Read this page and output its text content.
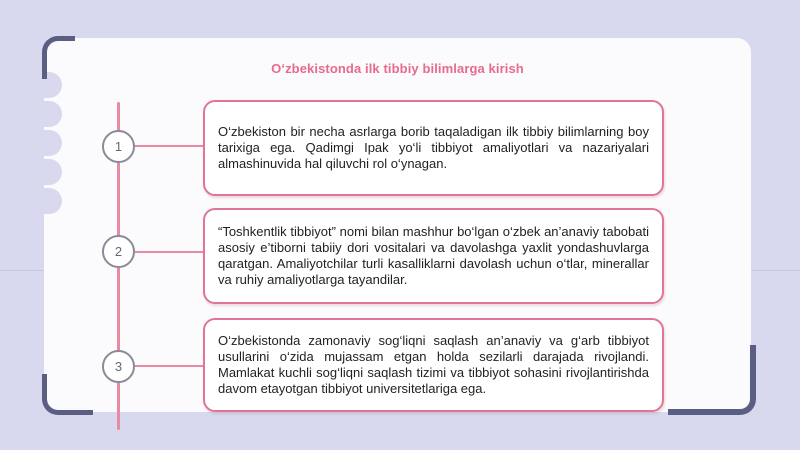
O‘zbekistonda ilk tibbiy bilimlarga kirish
1
2
3

O‘zbekiston bir necha asrlarga borib taqaladigan ilk tibbiy bilimlarning boy tarixiga ega. Qadimgi Ipak yo‘li tibbiyot amaliyotlari va nazariyalari almashinuvida hal qiluvchi rol o‘ynagan.

“Toshkentlik tibbiyot” nomi bilan mashhur bo‘lgan o‘zbek an’anaviy tabobati asosiy e’tiborni tabiiy dori vositalari va davolashga yaxlit yondashuvlarga qaratgan. Amaliyotchilar turli kasalliklarni davolash uchun o‘tlar, minerallar va ruhiy amaliyotlarga tayandilar.

O‘zbekistonda zamonaviy sog‘liqni saqlash an’anaviy va g‘arb tibbiyot usullarini o‘zida mujassam etgan holda sezilarli darajada rivojlandi. Mamlakat kuchli sog‘liqni saqlash tizimi va tibbiyot sohasini rivojlantirishda davom etayotgan tibbiyot universitetlariga ega.
